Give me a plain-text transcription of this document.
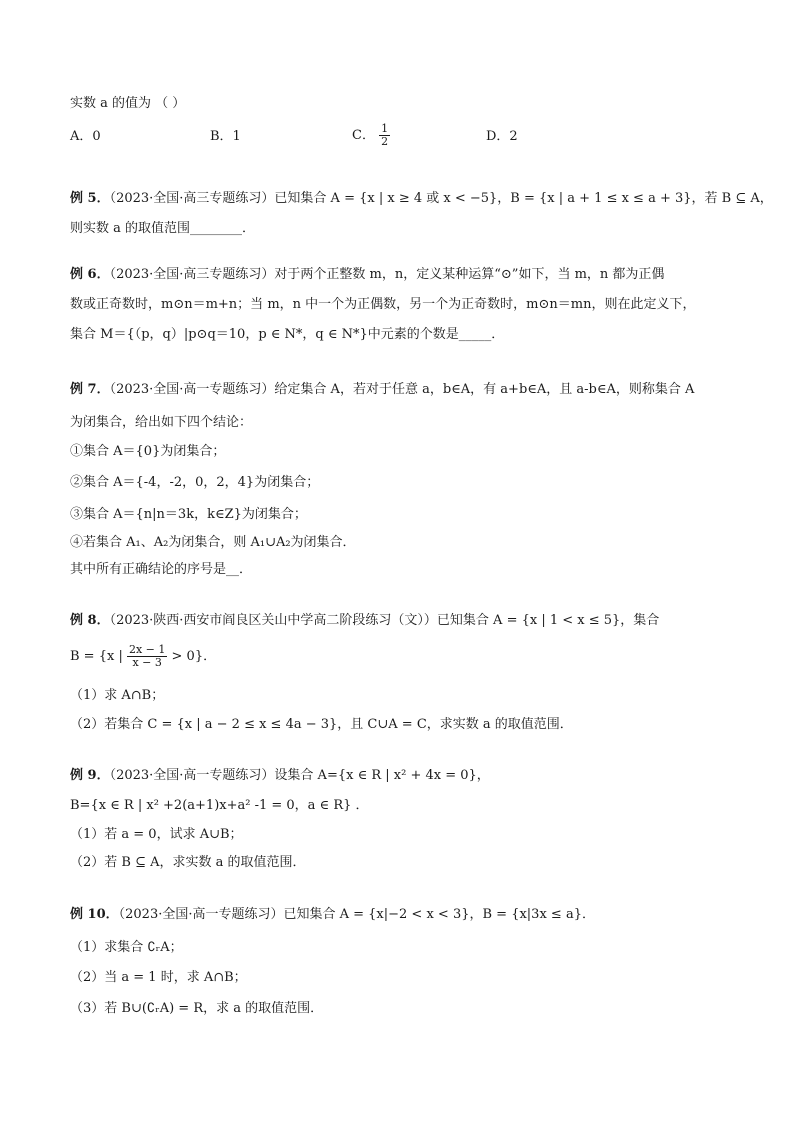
实数 a 的值为 （ ）
A．0	B．1	C． $\frac{1}{2}$	D．2
例 5．（2023·全国·高三专题练习）已知集合 A = {x | x ≥ 4 或 x < −5}，B = {x | a + 1 ≤ x ≤ a + 3}，若 B ⊆ A，
则实数 a 的取值范围________．
例 6．（2023·全国·高三专题练习）对于两个正整数 m，n，定义某种运算“⊙”如下，当 m，n 都为正偶
数或正奇数时，m⊙n＝m+n；当 m，n 中一个为正偶数，另一个为正奇数时，m⊙n＝mn，则在此定义下，
集合 M＝{（p，q）|p⊙q＝10，p ∈ N*，q ∈ N*}中元素的个数是_____．
例 7．（2023·全国·高一专题练习）给定集合 A，若对于任意 a，b∈A，有 a+b∈A，且 a-b∈A，则称集合 A
为闭集合，给出如下四个结论：
①集合 A＝{0}为闭集合；
②集合 A＝{-4，-2，0，2，4}为闭集合；
③集合 A＝{n|n＝3k，k∈Z}为闭集合；
④若集合 A₁、A₂为闭集合，则 A₁∪A₂为闭集合．
其中所有正确结论的序号是__．
例 8．（2023·陕西·西安市阎良区关山中学高二阶段练习（文））已知集合 A = {x | 1 < x ≤ 5}，集合
B = {x | $\frac{2x - 1}{x - 3} > 0$}．
（1）求 A∩B；
（2）若集合 C = {x | a − 2 ≤ x ≤ 4a − 3}，且 C∪A = C，求实数 a 的取值范围．
例 9．（2023·全国·高一专题练习）设集合 A={x ∈ R | x² + 4x = 0}，
B={x ∈ R | x² +2(a+1)x+a² -1 = 0，a ∈ R} ．
（1）若 a = 0，试求 A∪B；
（2）若 B ⊆ A，求实数 a 的取值范围．
例 10．（2023·全国·高一专题练习）已知集合 A = {x|−2 < x < 3}，B = {x|3x ≤ a}．
（1）求集合 ∁ᵣA；
（2）当 a = 1 时，求 A∩B；
（3）若 B∪(∁ᵣA) = R，求 a 的取值范围．
